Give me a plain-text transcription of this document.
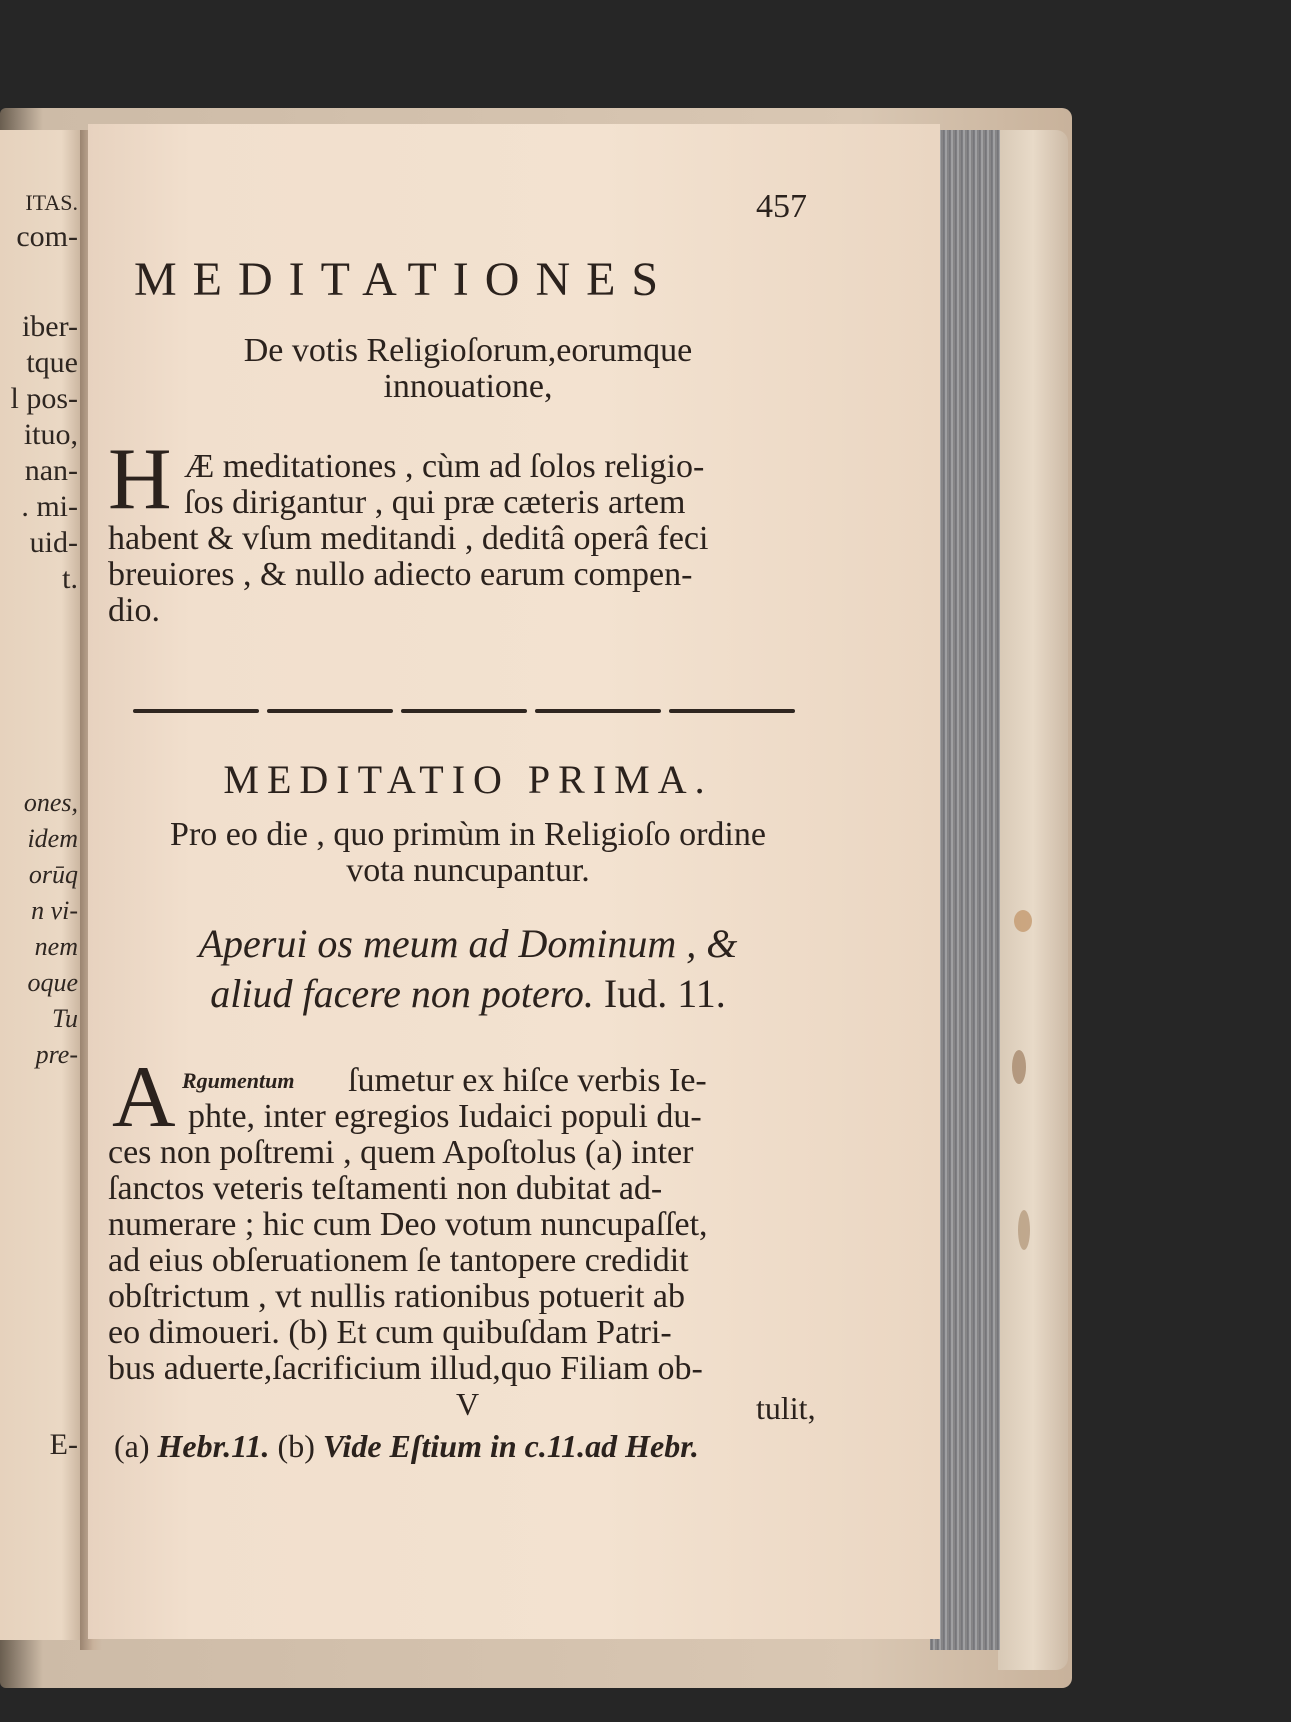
ITAS.
com-
iber-
tque
l pos-
ituo,
nan-
. mi-
uid-
t.
ones,
idem
orūq
n vi-
nem
oque
Tu
pre-
E-
457
MEDITATIONES
De votis Religioſorum,eorumque
innouatione,
H Æ meditationes , cùm ad ſolos religio-
ſos dirigantur , qui præ cæteris artem
habent & vſum meditandi , deditâ operâ feci
breuiores , & nullo adiecto earum compen-
dio.
MEDITATIO PRIMA.
Pro eo die , quo primùm in Religioſo ordine
vota nuncupantur.
Aperui os meum ad Dominum , &
aliud facere non potero. Iud. 11.
A Rgumentum ſumetur ex hiſce verbis Ie-
phte, inter egregios Iudaici populi du-
ces non poſtremi , quem Apoſtolus (a) inter
ſanctos veteris teſtamenti non dubitat ad-
numerare ; hic cum Deo votum nuncupaſſet,
ad eius obſeruationem ſe tantopere credidit
obſtrictum , vt nullis rationibus potuerit ab
eo dimoueri. (b) Et cum quibuſdam Patri-
bus aduerte,ſacrificium illud,quo Filiam ob-
V	tulit,
(a) Hebr.11. (b) Vide Eſtium in c.11.ad Hebr.
